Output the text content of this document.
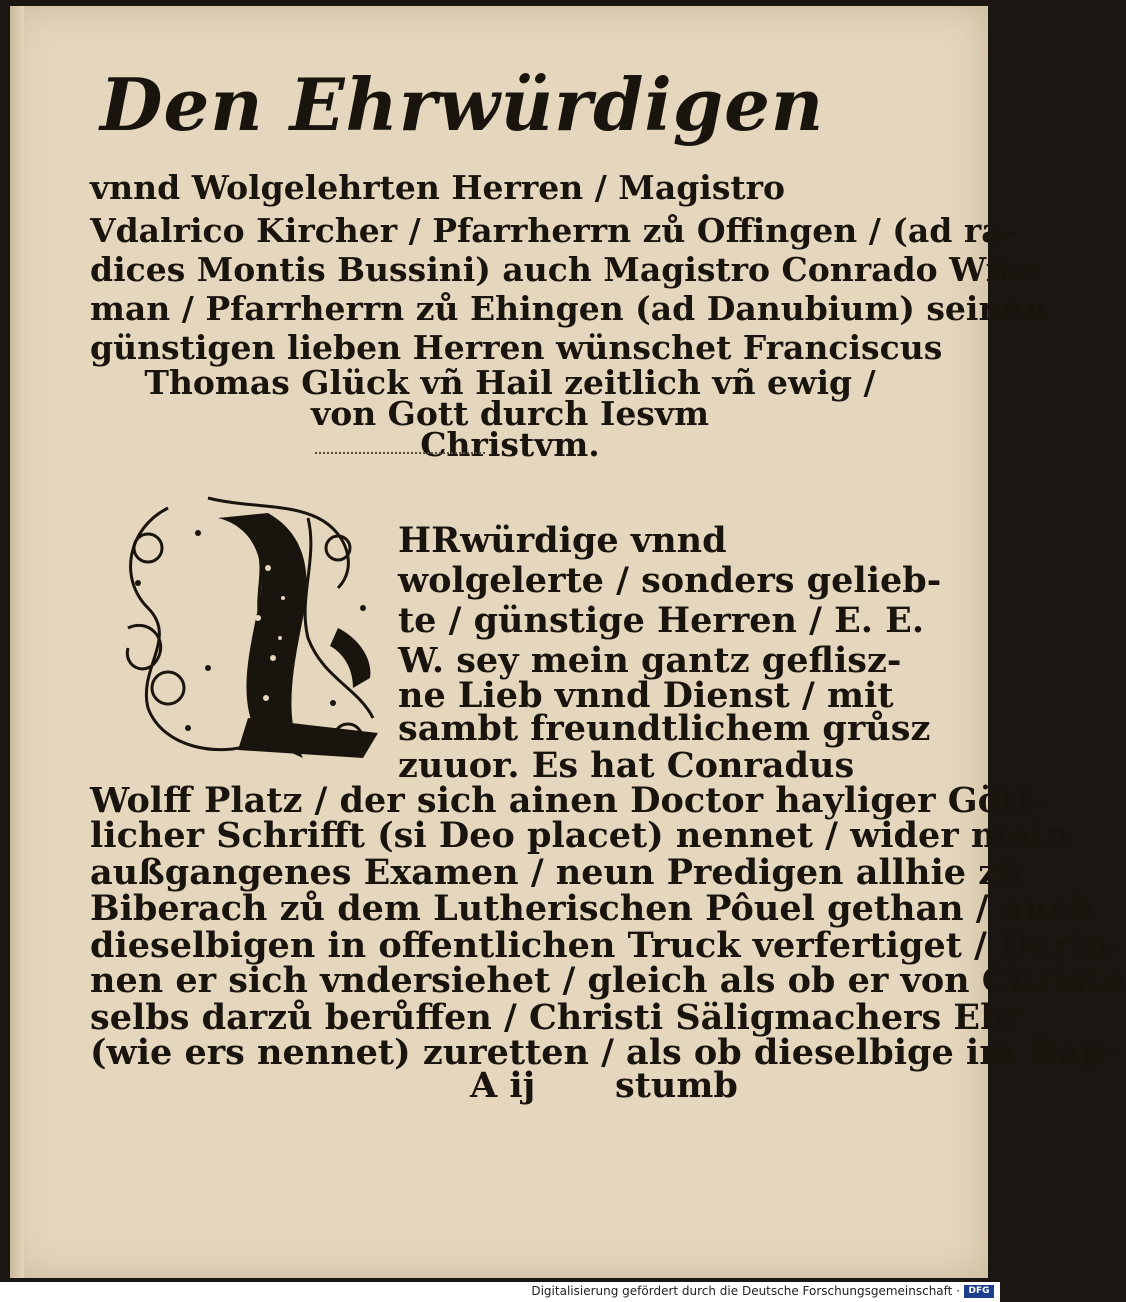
Den Ehrwürdigen
vnnd Wolgelehrten Herren / Magistro
Vdalrico Kircher / Pfarrherrn zů Offingen / (ad ra-
dices Montis Bussini) auch Magistro Conrado Witz-
man / Pfarrherrn zů Ehingen (ad Danubium) seinen
günstigen lieben Herren wünschet Franciscus
Thomas Glück vñ Hail zeitlich vñ ewig /
von Gott durch Iesvm
Christvm.
HRwürdige vnnd
wolgelerte / sonders gelieb-
te / günstige Herren / E. E.
W. sey mein gantz geflisz-
ne Lieb vnnd Dienst / mit
sambt freundtlichem grůsz
zuuor. Es hat Conradus
Wolff Platz / der sich ainen Doctor hayliger Gött-
licher Schrifft (si Deo placet) nennet / wider mein
außgangenes Examen / neun Predigen allhie zů
Biberach zů dem Lutherischen Pôuel gethan / auch
dieselbigen in offentlichen Truck verfertiget / Darin-
nen er sich vndersiehet / gleich als ob er von Christo
selbs darzů berůffen / Christi Säligmachers Ehr
(wie ers nennet) zuretten / als ob dieselbige im Bap-
A ij stumb
Digitalisierung gefördert durch die Deutsche Forschungsgemeinschaft · DFG
